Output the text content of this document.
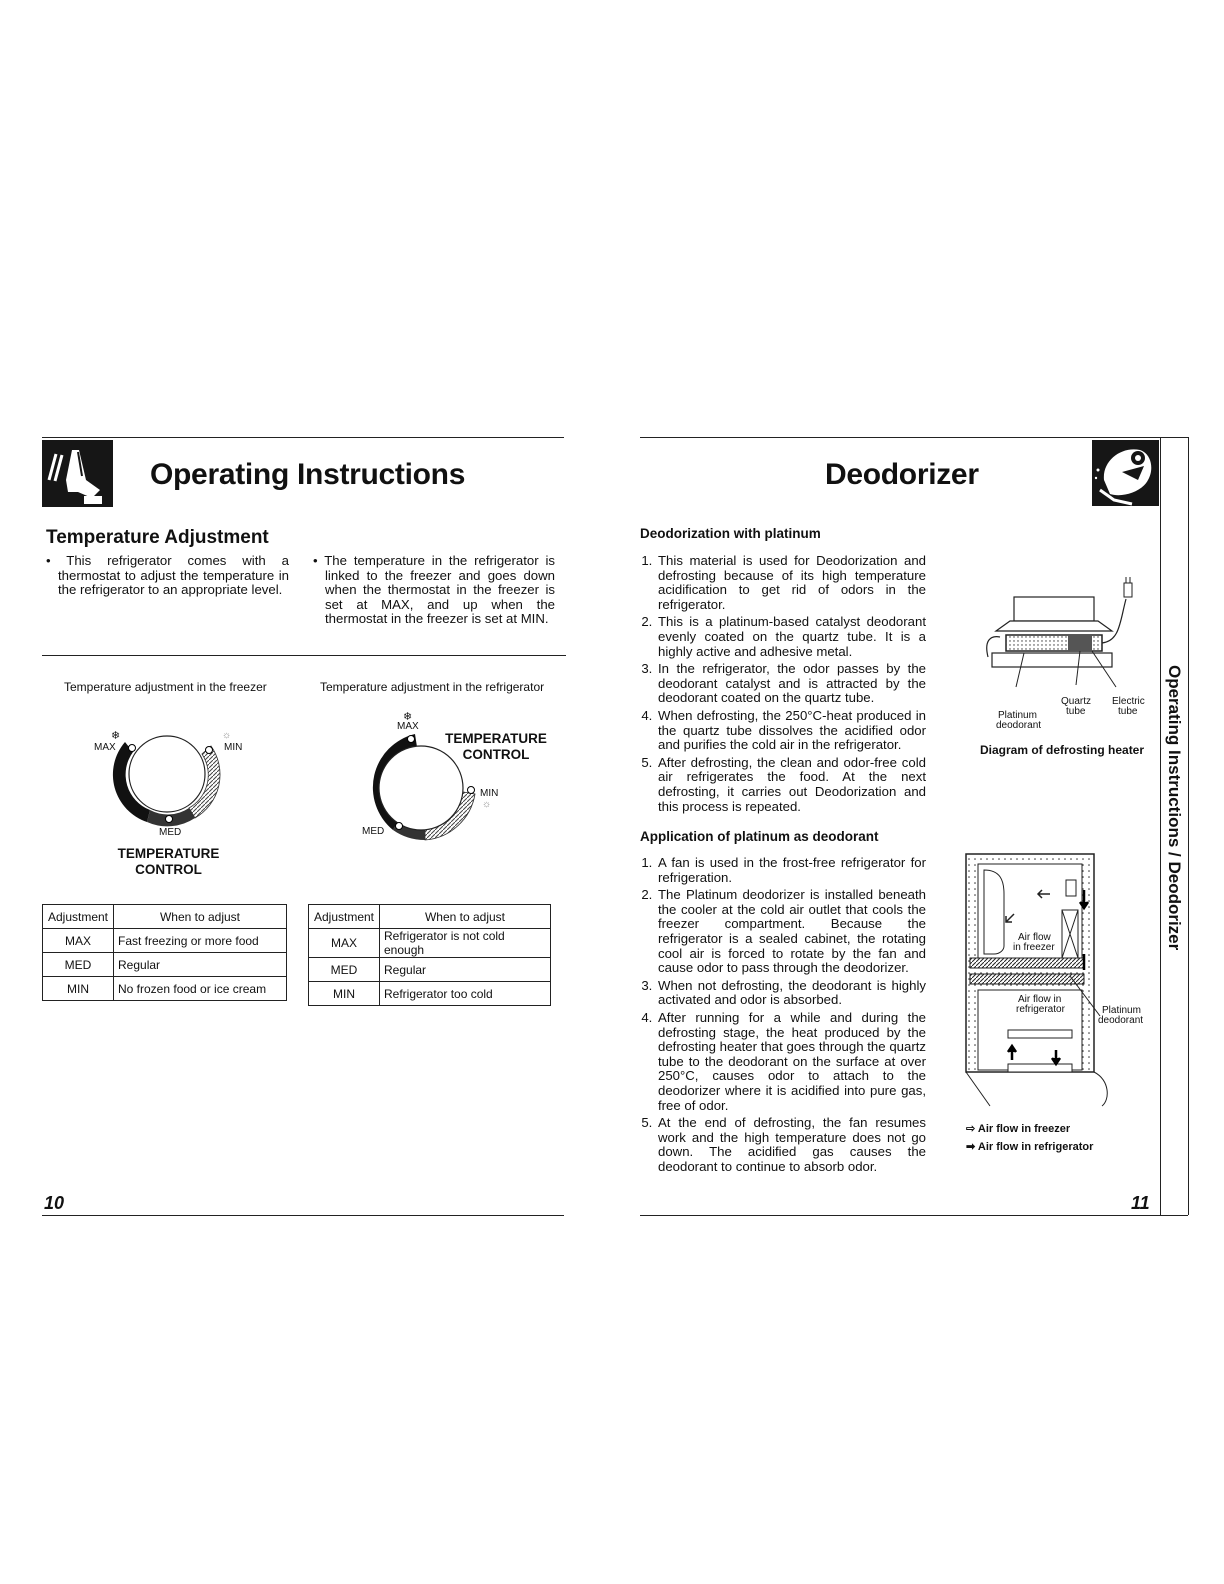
Operating Instructions
Temperature Adjustment
• This refrigerator comes with a thermostat to adjust the temperature in the refrigerator to an appropriate level.
• The temperature in the refrigerator is linked to the freezer and goes down when the thermostat in the freezer is set at MAX, and up when the thermostat in the freezer is set at MIN.
Temperature adjustment in the freezer	Temperature adjustment in the refrigerator
❄	☼
MAX	MIN
MED
TEMPERATURE
CONTROL
❄
MAX
MIN
☼
MED
TEMPERATURE
CONTROL
Adjustment	When to adjust
MAX	Fast freezing or more food
MED	Regular
MIN	No frozen food or ice cream
Adjustment	When to adjust
MAX	Refrigerator is not cold enough
MED	Regular
MIN	Refrigerator too cold
10
Deodorizer
Deodorization with platinum
1. This material is used for Deodorization and defrosting because of its high temperature acidification to get rid of odors in the refrigerator.
2. This is a platinum-based catalyst deodorant evenly coated on the quartz tube. It is a highly active and adhesive metal.
3. In the refrigerator, the odor passes by the deodorant catalyst and is attracted by the deodorant coated on the quartz tube.
4. When defrosting, the 250°C-heat produced in the quartz tube dissolves the acidified odor and purifies the cold air in the refrigerator.
5. After defrosting, the clean and odor-free cold air refrigerates the food. At the next defrosting, it carries out Deodorization and this process is repeated.
Application of platinum as deodorant
1. A fan is used in the frost-free refrigerator for refrigeration.
2. The Platinum deodorizer is installed beneath the cooler at the cold air outlet that cools the freezer compartment. Because the refrigerator is a sealed cabinet, the rotating cool air is forced to rotate by the fan and cause odor to pass through the deodorizer.
3. When not defrosting, the deodorant is highly activated and odor is absorbed.
4. After running for a while and during the defrosting stage, the heat produced by the defrosting heater that goes through the quartz tube to the deodorant on the surface at over 250°C, causes odor to attach to the deodorizer where it is acidified into pure gas, free of odor.
5. At the end of defrosting, the fan resumes work and the high temperature does not go down. The acidified gas causes the deodorant to continue to absorb odor.
Quartz
tube
Electric
tube
Platinum
deodorant
Diagram of defrosting heater
Air flow
in freezer
Air flow in
refrigerator	Platinum
deodorant
⇨ Air flow in freezer
➡ Air flow in refrigerator
Operating Instructions / Deodorizer
11
